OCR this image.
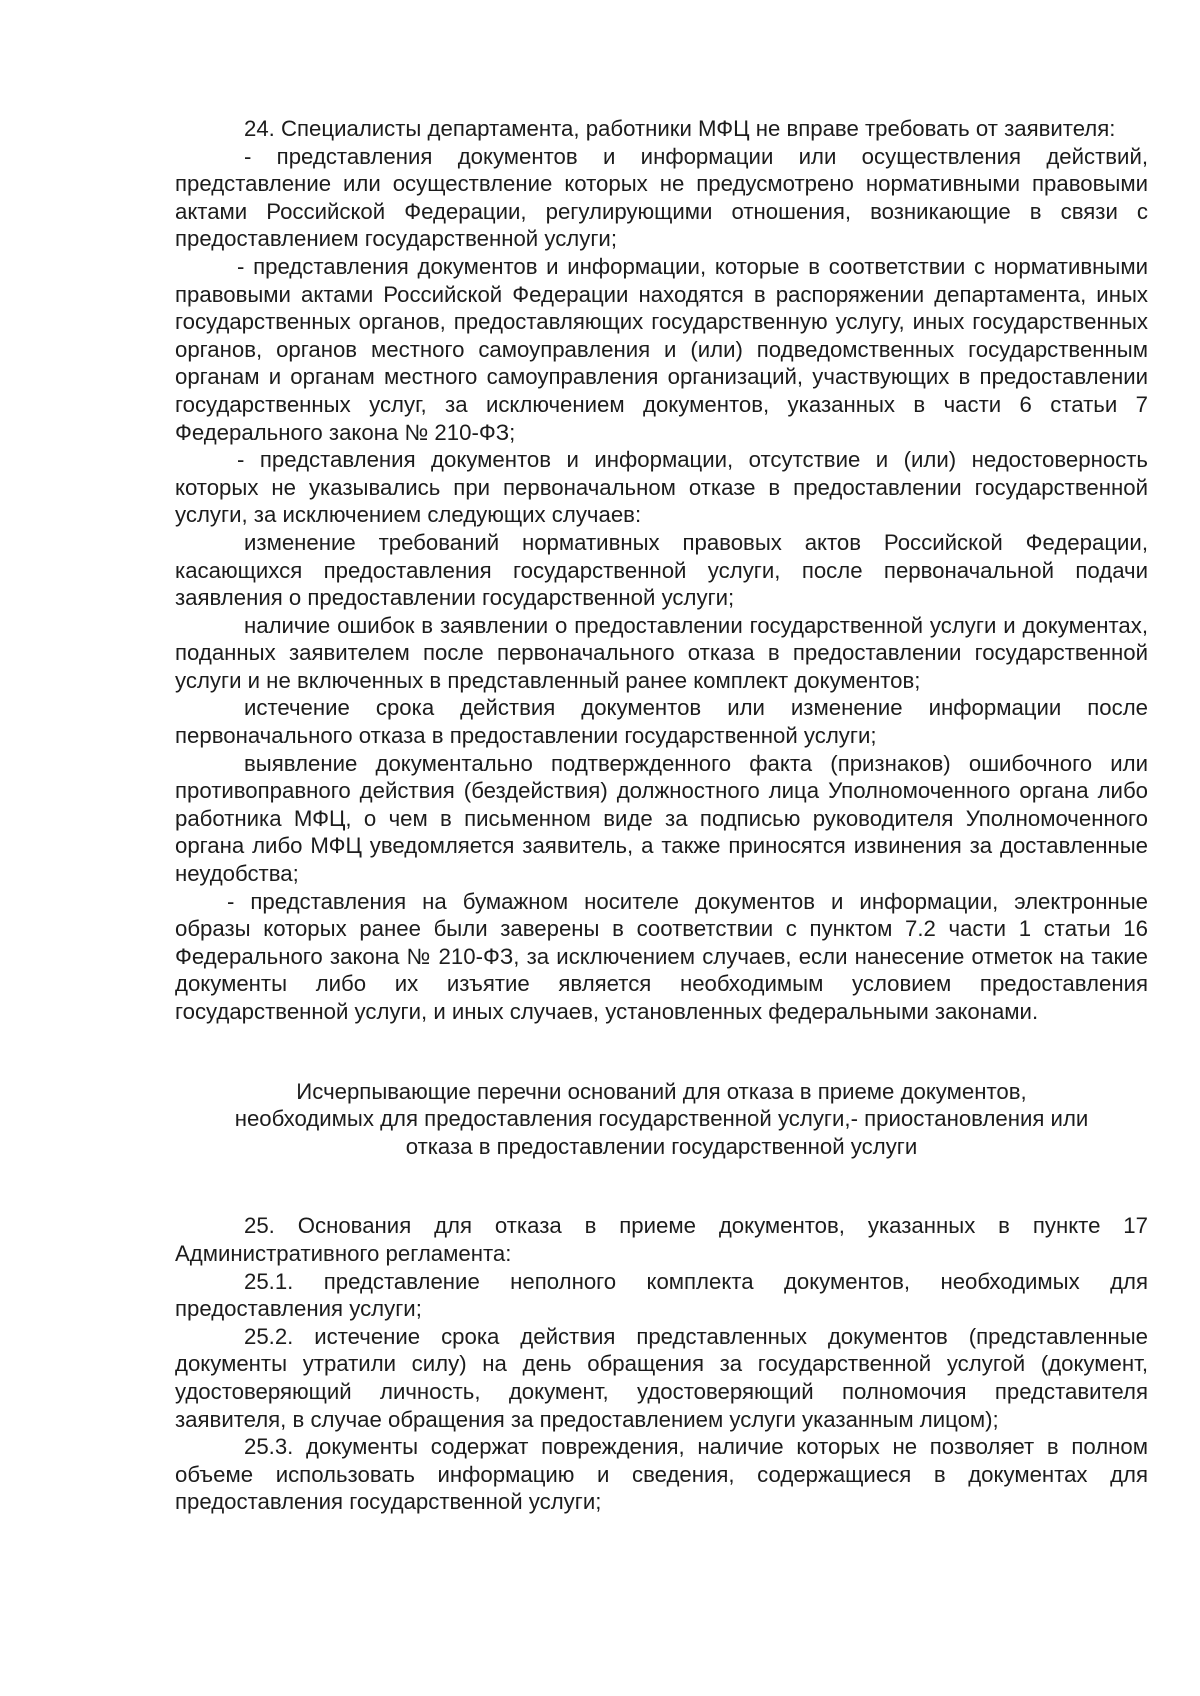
24. Специалисты департамента, работники МФЦ не вправе требовать от заявителя:

- представления документов и информации или осуществления действий, представление или осуществление которых не предусмотрено нормативными правовыми актами Российской Федерации, регулирующими отношения, возникающие в связи с предоставлением государственной услуги;

- представления документов и информации, которые в соответствии с нормативными правовыми актами Российской Федерации находятся в распоряжении департамента, иных государственных органов, предоставляющих государственную услугу, иных государственных органов, органов местного самоуправления и (или) подведомственных государственным органам и органам местного самоуправления организаций, участвующих в предоставлении государственных услуг, за исключением документов, указанных в части 6 статьи 7 Федерального закона № 210-ФЗ;

- представления документов и информации, отсутствие и (или) недостоверность которых не указывались при первоначальном отказе в предоставлении государственной услуги, за исключением следующих случаев:

изменение требований нормативных правовых актов Российской Федерации, касающихся предоставления государственной услуги, после первоначальной подачи заявления о предоставлении государственной услуги;

наличие ошибок в заявлении о предоставлении государственной услуги и документах, поданных заявителем после первоначального отказа в предоставлении государственной услуги и не включенных в представленный ранее комплект документов;

истечение срока действия документов или изменение информации после первоначального отказа в предоставлении государственной услуги;

выявление документально подтвержденного факта (признаков) ошибочного или противоправного действия (бездействия) должностного лица Уполномоченного органа либо работника МФЦ, о чем в письменном виде за подписью руководителя Уполномоченного органа либо МФЦ уведомляется заявитель, а также приносятся извинения за доставленные неудобства;

- представления на бумажном носителе документов и информации, электронные образы которых ранее были заверены в соответствии с пунктом 7.2 части 1 статьи 16 Федерального закона № 210-ФЗ, за исключением случаев, если нанесение отметок на такие документы либо их изъятие является необходимым условием предоставления государственной услуги, и иных случаев, установленных федеральными законами.

Исчерпывающие перечни оснований для отказа в приеме документов,
необходимых для предоставления государственной услуги,- приостановления или
отказа в предоставлении государственной услуги

25. Основания для отказа в приеме документов, указанных в пункте 17 Административного регламента:

25.1. представление неполного комплекта документов, необходимых для предоставления услуги;

25.2. истечение срока действия представленных документов (представленные документы утратили силу) на день обращения за государственной услугой (документ, удостоверяющий личность, документ, удостоверяющий полномочия представителя заявителя, в случае обращения за предоставлением услуги указанным лицом);

25.3. документы содержат повреждения, наличие которых не позволяет в полном объеме использовать информацию и сведения, содержащиеся в документах для предоставления государственной услуги;
